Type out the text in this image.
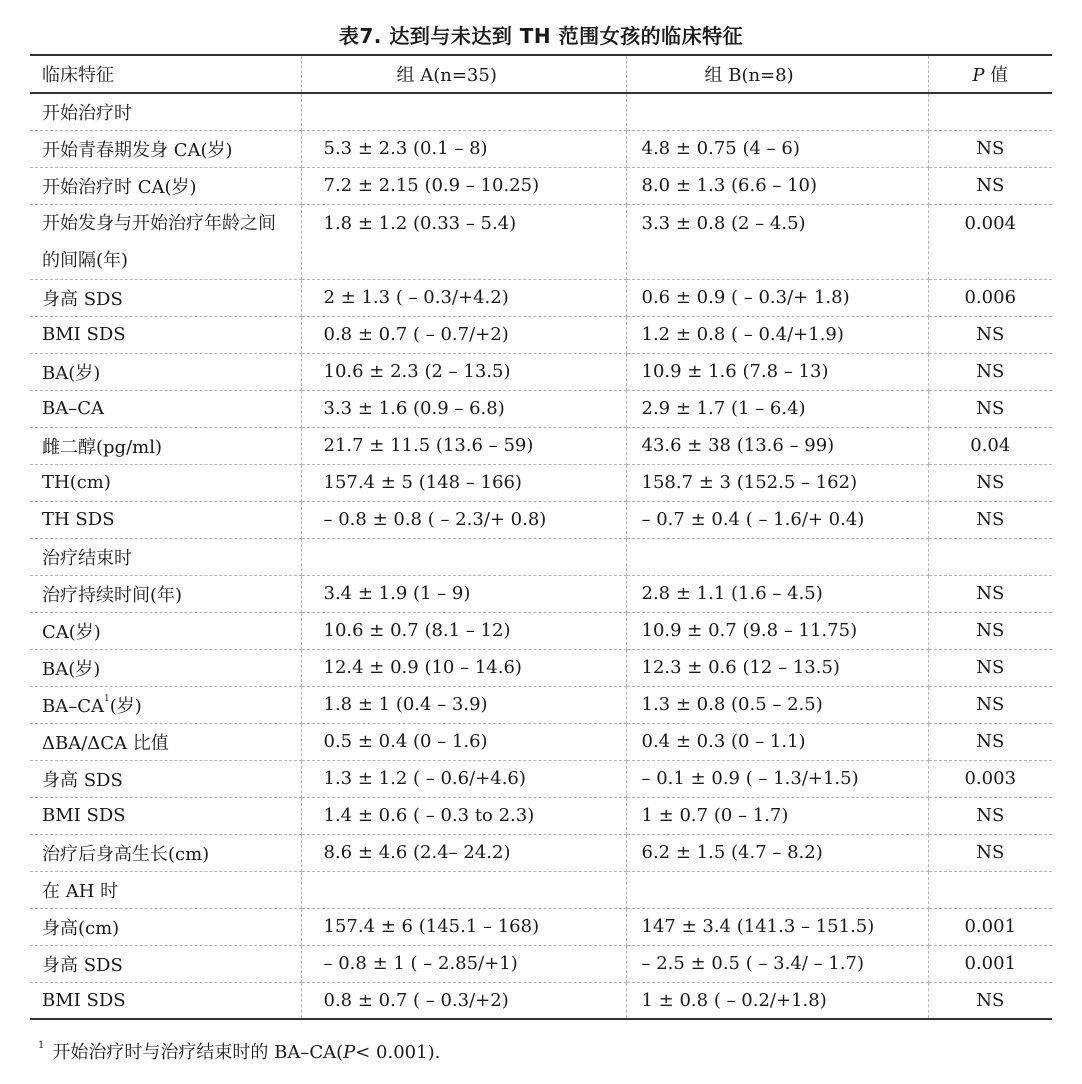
表7. 达到与未达到 TH 范围女孩的临床特征
临床特征	组 A(n=35)	组 B(n=8)	P 值
开始治疗时			
开始青春期发身 CA(岁)	5.3 ± 2.3 (0.1 – 8)	4.8 ± 0.75 (4 – 6)	NS
开始治疗时 CA(岁)	7.2 ± 2.15 (0.9 – 10.25)	8.0 ± 1.3 (6.6 – 10)	NS
开始发身与开始治疗年龄之间的间隔(年)	1.8 ± 1.2 (0.33 – 5.4)	3.3 ± 0.8 (2 – 4.5)	0.004
身高 SDS	2 ± 1.3 ( – 0.3/+4.2)	0.6 ± 0.9 ( – 0.3/+ 1.8)	0.006
BMI SDS	0.8 ± 0.7 ( – 0.7/+2)	1.2 ± 0.8 ( – 0.4/+1.9)	NS
BA(岁)	10.6 ± 2.3 (2 – 13.5)	10.9 ± 1.6 (7.8 – 13)	NS
BA–CA	3.3 ± 1.6 (0.9 – 6.8)	2.9 ± 1.7 (1 – 6.4)	NS
雌二醇(pg/ml)	21.7 ± 11.5 (13.6 – 59)	43.6 ± 38 (13.6 – 99)	0.04
TH(cm)	157.4 ± 5 (148 – 166)	158.7 ± 3 (152.5 – 162)	NS
TH SDS	– 0.8 ± 0.8 ( – 2.3/+ 0.8)	– 0.7 ± 0.4 ( – 1.6/+ 0.4)	NS
治疗结束时			
治疗持续时间(年)	3.4 ± 1.9 (1 – 9)	2.8 ± 1.1 (1.6 – 4.5)	NS
CA(岁)	10.6 ± 0.7 (8.1 – 12)	10.9 ± 0.7 (9.8 – 11.75)	NS
BA(岁)	12.4 ± 0.9 (10 – 14.6)	12.3 ± 0.6 (12 – 13.5)	NS
BA–CA$^1$(岁)	1.8 ± 1 (0.4 – 3.9)	1.3 ± 0.8 (0.5 – 2.5)	NS
ΔBA/ΔCA 比值	0.5 ± 0.4 (0 – 1.6)	0.4 ± 0.3 (0 – 1.1)	NS
身高 SDS	1.3 ± 1.2 ( – 0.6/+4.6)	– 0.1 ± 0.9 ( – 1.3/+1.5)	0.003
BMI SDS	1.4 ± 0.6 ( – 0.3 to 2.3)	1 ± 0.7 (0 – 1.7)	NS
治疗后身高生长(cm)	8.6 ± 4.6 (2.4– 24.2)	6.2 ± 1.5 (4.7 – 8.2)	NS
在 AH 时			
身高(cm)	157.4 ± 6 (145.1 – 168)	147 ± 3.4 (141.3 – 151.5)	0.001
身高 SDS	– 0.8 ± 1 ( – 2.85/+1)	– 2.5 ± 0.5 ( – 3.4/ – 1.7)	0.001
BMI SDS	0.8 ± 0.7 ( – 0.3/+2)	1 ± 0.8 ( – 0.2/+1.8)	NS
$^1$ 开始治疗时与治疗结束时的 BA–CA(P< 0.001).
